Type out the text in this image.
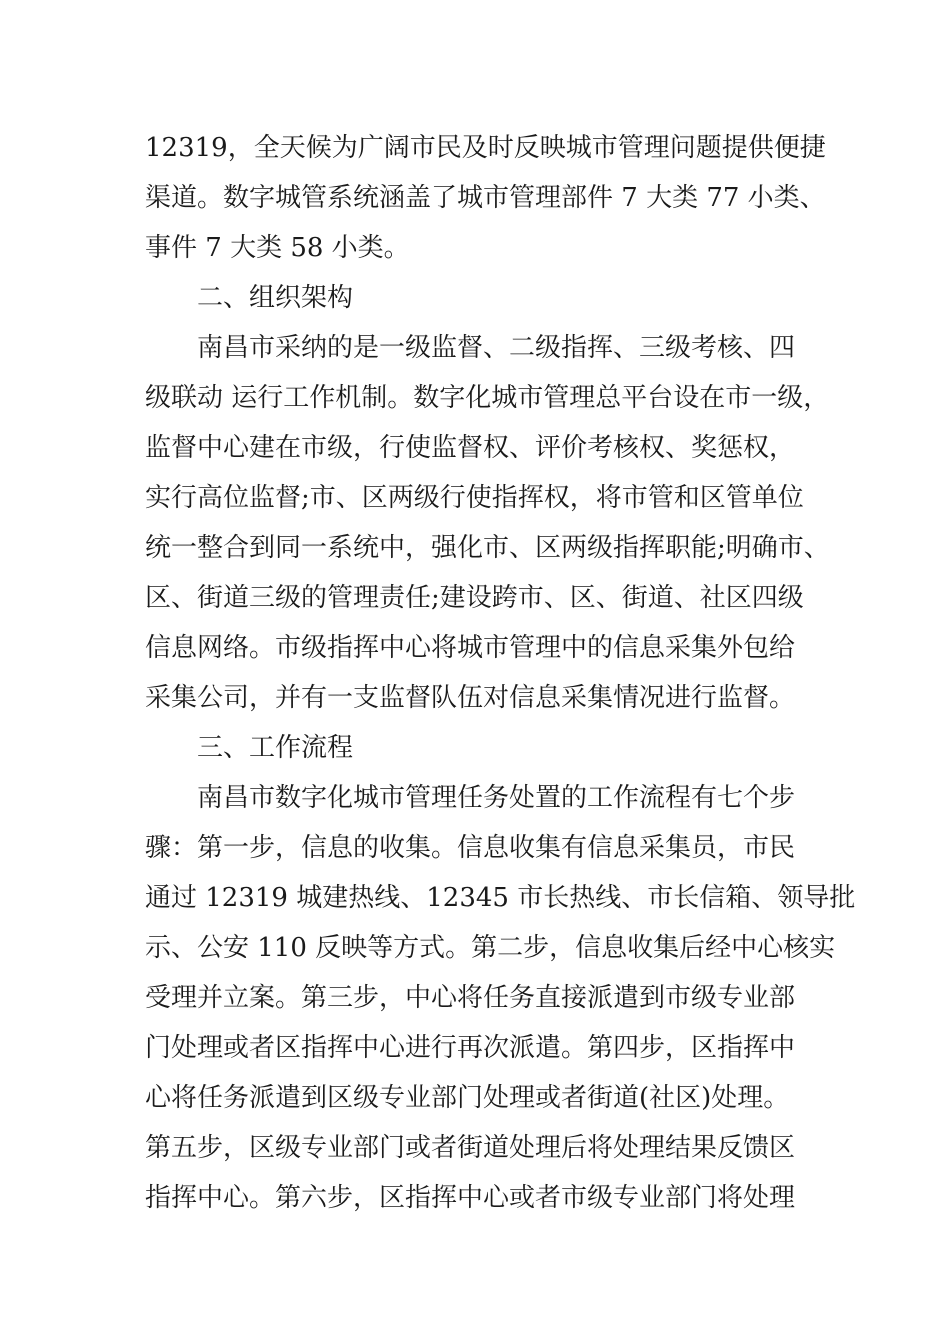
12319，全天候为广阔市民及时反映城市管理问题提供便捷
渠道。数字城管系统涵盖了城市管理部件 7 大类 77 小类、
事件 7 大类 58 小类。
二、组织架构
南昌市采纳的是一级监督、二级指挥、三级考核、四
级联动 运行工作机制。数字化城市管理总平台设在市一级，
监督中心建在市级，行使监督权、评价考核权、奖惩权，
实行高位监督;市、区两级行使指挥权，将市管和区管单位
统一整合到同一系统中，强化市、区两级指挥职能;明确市、
区、街道三级的管理责任;建设跨市、区、街道、社区四级
信息网络。市级指挥中心将城市管理中的信息采集外包给
采集公司，并有一支监督队伍对信息采集情况进行监督。
三、工作流程
南昌市数字化城市管理任务处置的工作流程有七个步
骤：第一步，信息的收集。信息收集有信息采集员，市民
通过 12319 城建热线、12345 市长热线、市长信箱、领导批
示、公安 110 反映等方式。第二步，信息收集后经中心核实
受理并立案。第三步，中心将任务直接派遣到市级专业部
门处理或者区指挥中心进行再次派遣。第四步，区指挥中
心将任务派遣到区级专业部门处理或者街道(社区)处理。
第五步，区级专业部门或者街道处理后将处理结果反馈区
指挥中心。第六步，区指挥中心或者市级专业部门将处理
